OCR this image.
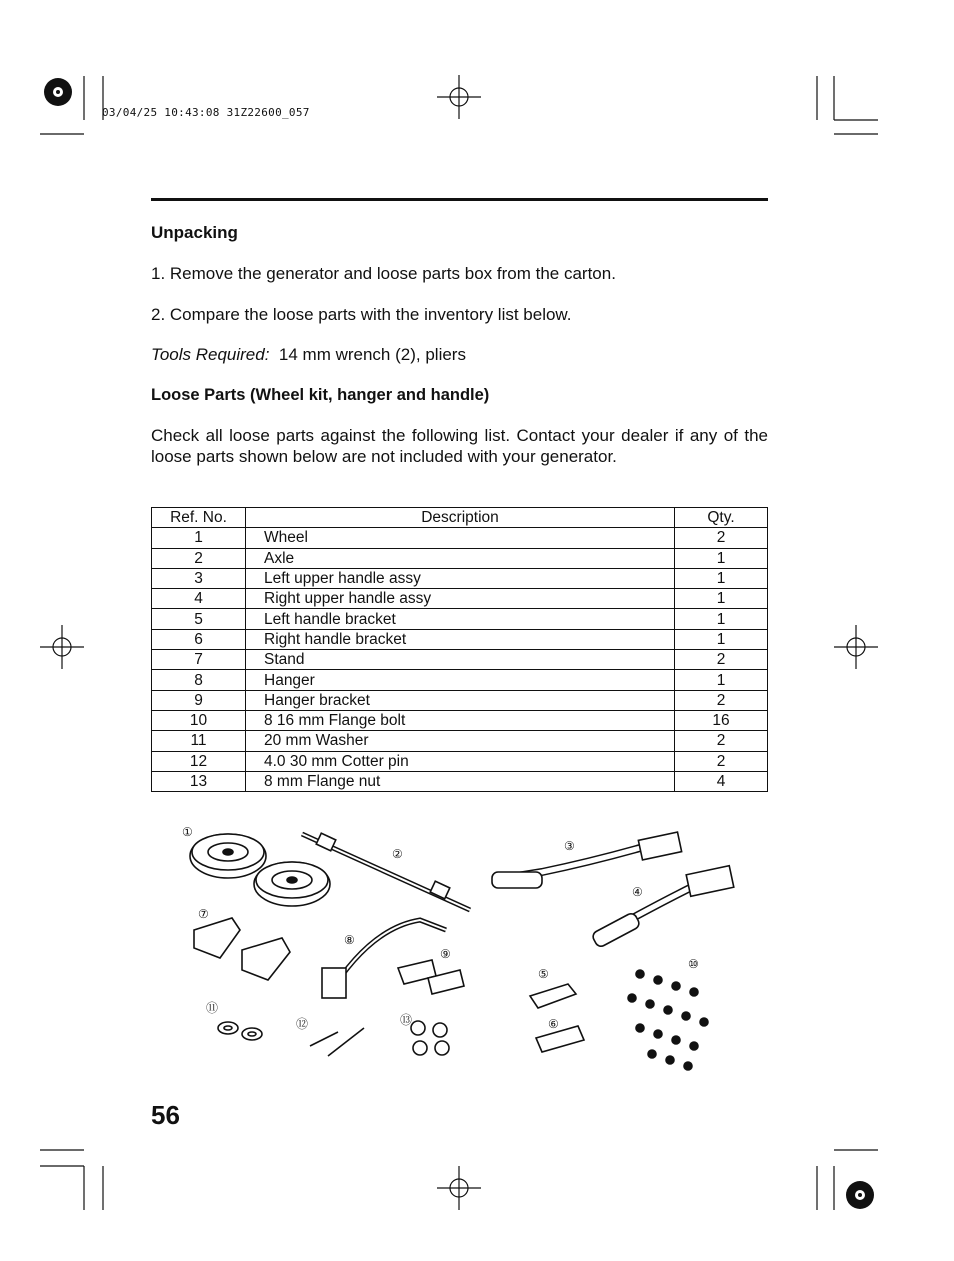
03/04/25 10:43:08 31Z22600_057
Unpacking
1. Remove the generator and loose parts box from the carton.
2. Compare the loose parts with the inventory list below.
Tools Required: 14 mm wrench (2), pliers
Loose Parts (Wheel kit, hanger and handle)
Check all loose parts against the following list. Contact your dealer if any of the loose parts shown below are not included with your generator.
Ref. No.	Description	Qty.
1	Wheel	2
2	Axle	1
3	Left upper handle assy	1
4	Right upper handle assy	1
5	Left handle bracket	1
6	Right handle bracket	1
7	Stand	2
8	Hanger	1
9	Hanger bracket	2
10	8 16 mm Flange bolt	16
11	20 mm Washer	2
12	4.0 30 mm Cotter pin	2
13	8 mm Flange nut	4
①
②
③
④
⑤
⑥
⑦
⑧
⑨
⑩
⑪
⑫	⑬
56
